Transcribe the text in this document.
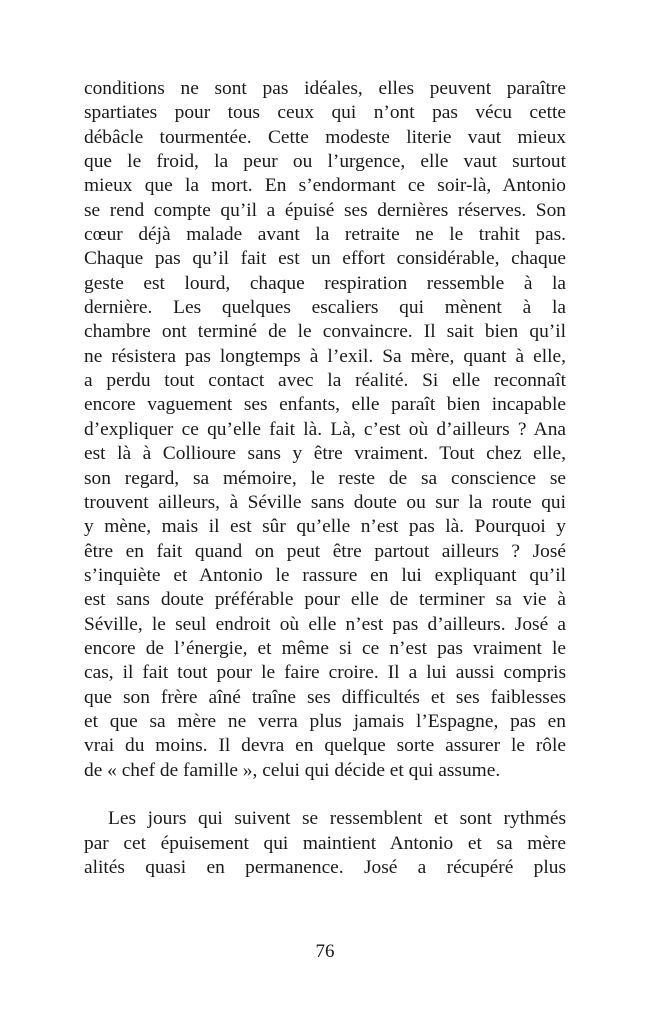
conditions ne sont pas idéales, elles peuvent paraître
spartiates pour tous ceux qui n’ont pas vécu cette
débâcle tourmentée. Cette modeste literie vaut mieux
que le froid, la peur ou l’urgence, elle vaut surtout
mieux que la mort. En s’endormant ce soir-là, Antonio
se rend compte qu’il a épuisé ses dernières réserves. Son
cœur déjà malade avant la retraite ne le trahit pas.
Chaque pas qu’il fait est un effort considérable, chaque
geste est lourd, chaque respiration ressemble à la
dernière. Les quelques escaliers qui mènent à la
chambre ont terminé de le convaincre. Il sait bien qu’il
ne résistera pas longtemps à l’exil. Sa mère, quant à elle,
a perdu tout contact avec la réalité. Si elle reconnaît
encore vaguement ses enfants, elle paraît bien incapable
d’expliquer ce qu’elle fait là. Là, c’est où d’ailleurs ? Ana
est là à Collioure sans y être vraiment. Tout chez elle,
son regard, sa mémoire, le reste de sa conscience se
trouvent ailleurs, à Séville sans doute ou sur la route qui
y mène, mais il est sûr qu’elle n’est pas là. Pourquoi y
être en fait quand on peut être partout ailleurs ? José
s’inquiète et Antonio le rassure en lui expliquant qu’il
est sans doute préférable pour elle de terminer sa vie à
Séville, le seul endroit où elle n’est pas d’ailleurs. José a
encore de l’énergie, et même si ce n’est pas vraiment le
cas, il fait tout pour le faire croire. Il a lui aussi compris
que son frère aîné traîne ses difficultés et ses faiblesses
et que sa mère ne verra plus jamais l’Espagne, pas en
vrai du moins. Il devra en quelque sorte assurer le rôle
de « chef de famille », celui qui décide et qui assume.
Les jours qui suivent se ressemblent et sont rythmés
par cet épuisement qui maintient Antonio et sa mère
alités quasi en permanence. José a récupéré plus
76
